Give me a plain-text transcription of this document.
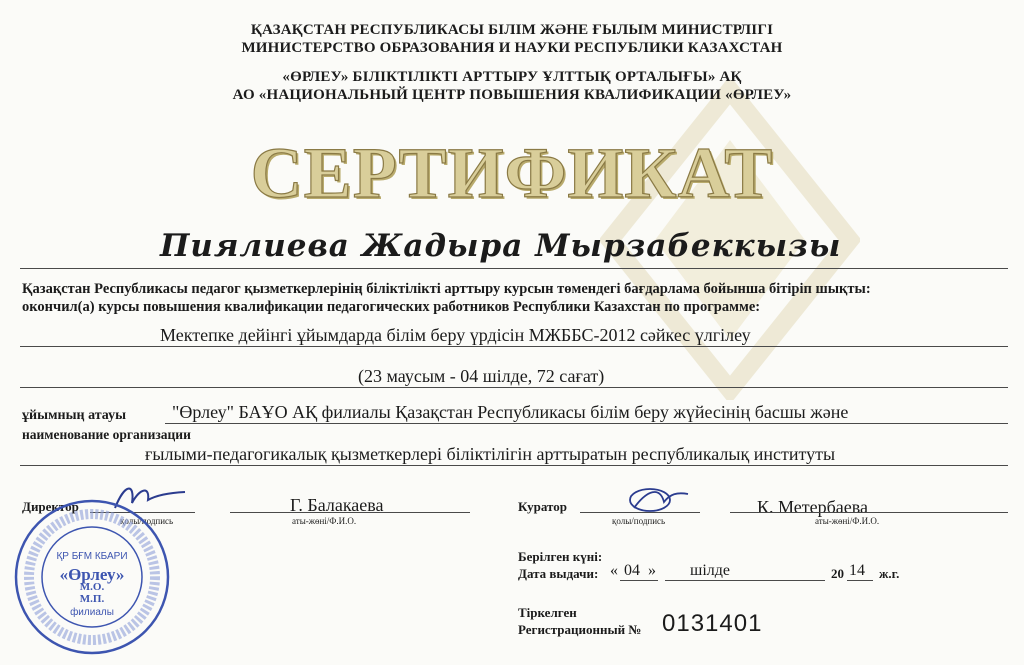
ҚАЗАҚСТАН РЕСПУБЛИКАСЫ БІЛІМ ЖӘНЕ ҒЫЛЫМ МИНИСТРЛІГІ
МИНИСТЕРСТВО ОБРАЗОВАНИЯ И НАУКИ РЕСПУБЛИКИ КАЗАХСТАН
«ӨРЛЕУ» БІЛІКТІЛІКТІ АРТТЫРУ ҰЛТТЫҚ ОРТАЛЫҒЫ» АҚ
АО «НАЦИОНАЛЬНЫЙ ЦЕНТР ПОВЫШЕНИЯ КВАЛИФИКАЦИИ «ӨРЛЕУ»
СЕРТИФИКАТ
Пиялиева Жадыра Мырзабеккызы
Қазақстан Республикасы педагог қызметкерлерінің біліктілікті арттыру курсын төмендегі бағдарлама бойынша бітіріп шықты:
окончил(а) курсы повышения квалификации педагогических работников Республики Казахстан по программе:
Мектепке дейінгі ұйымдарда білім беру үрдісін МЖББС-2012 сәйкес үлгілеу
(23 маусым - 04 шілде, 72 сағат)
ұйымның атауы	"Өрлеу" БАҰО АҚ филиалы Қазақстан Республикасы білім беру жүйесінің басшы және
наименование организации
ғылыми-педагогикалық қызметкерлері біліктілігін арттыратын республикалық институты
Директор
қолы/подпись
Г. Балакаева
аты-жөні/Ф.И.О.
Куратор
қолы/подпись
К. Метербаева
аты-жөні/Ф.И.О.
ҚР БҒМ КБАРИ
«Өрлеу»
М.О.
М.П.
филиалы
Берілген күні:
Дата выдачи: « 04 » шілде	20 14 ж.г.
Тіркелген
Регистрационный № 0131401
